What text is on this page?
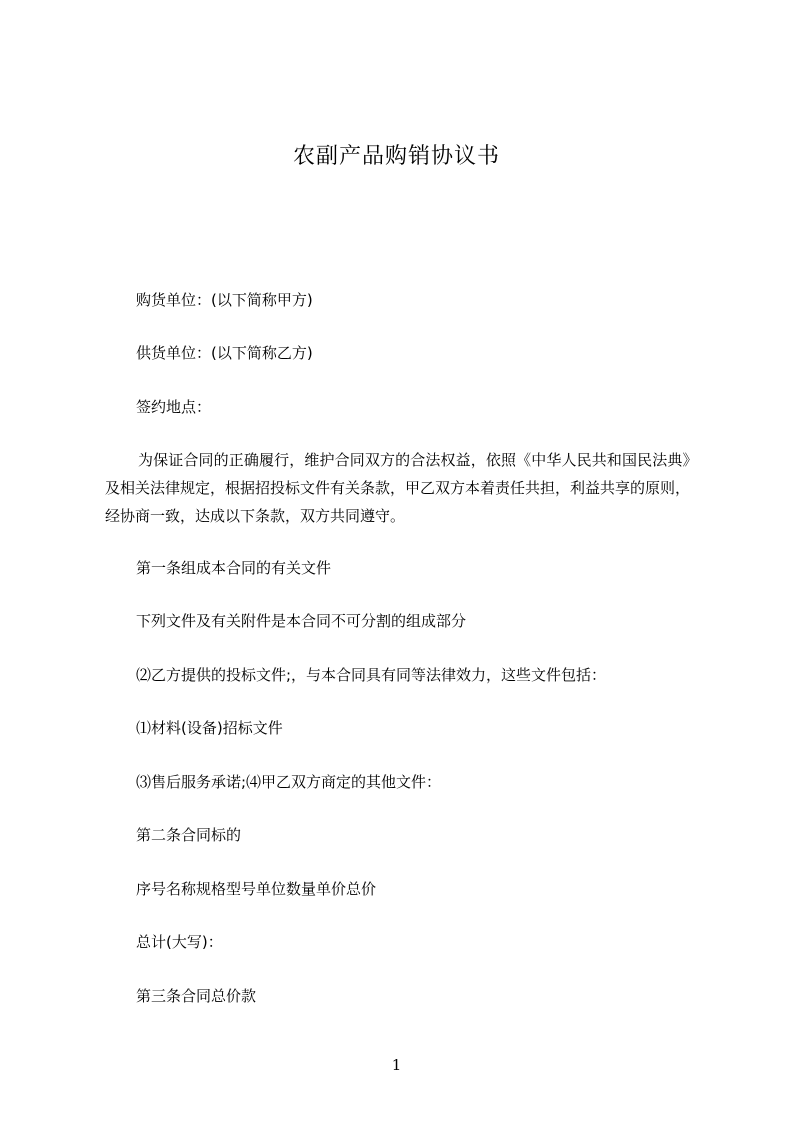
农副产品购销协议书

购货单位：(以下简称甲方)

供货单位：(以下简称乙方)

签约地点：

为保证合同的正确履行，维护合同双方的合法权益，依照《中华人民共和国民法典》及相关法律规定，根据招投标文件有关条款，甲乙双方本着责任共担，利益共享的原则，经协商一致，达成以下条款，双方共同遵守。

第一条组成本合同的有关文件

下列文件及有关附件是本合同不可分割的组成部分

⑵乙方提供的投标文件;，与本合同具有同等法律效力，这些文件包括：

⑴材料(设备)招标文件

⑶售后服务承诺;⑷甲乙双方商定的其他文件：

第二条合同标的

序号名称规格型号单位数量单价总价

总计(大写)：

第三条合同总价款

1
